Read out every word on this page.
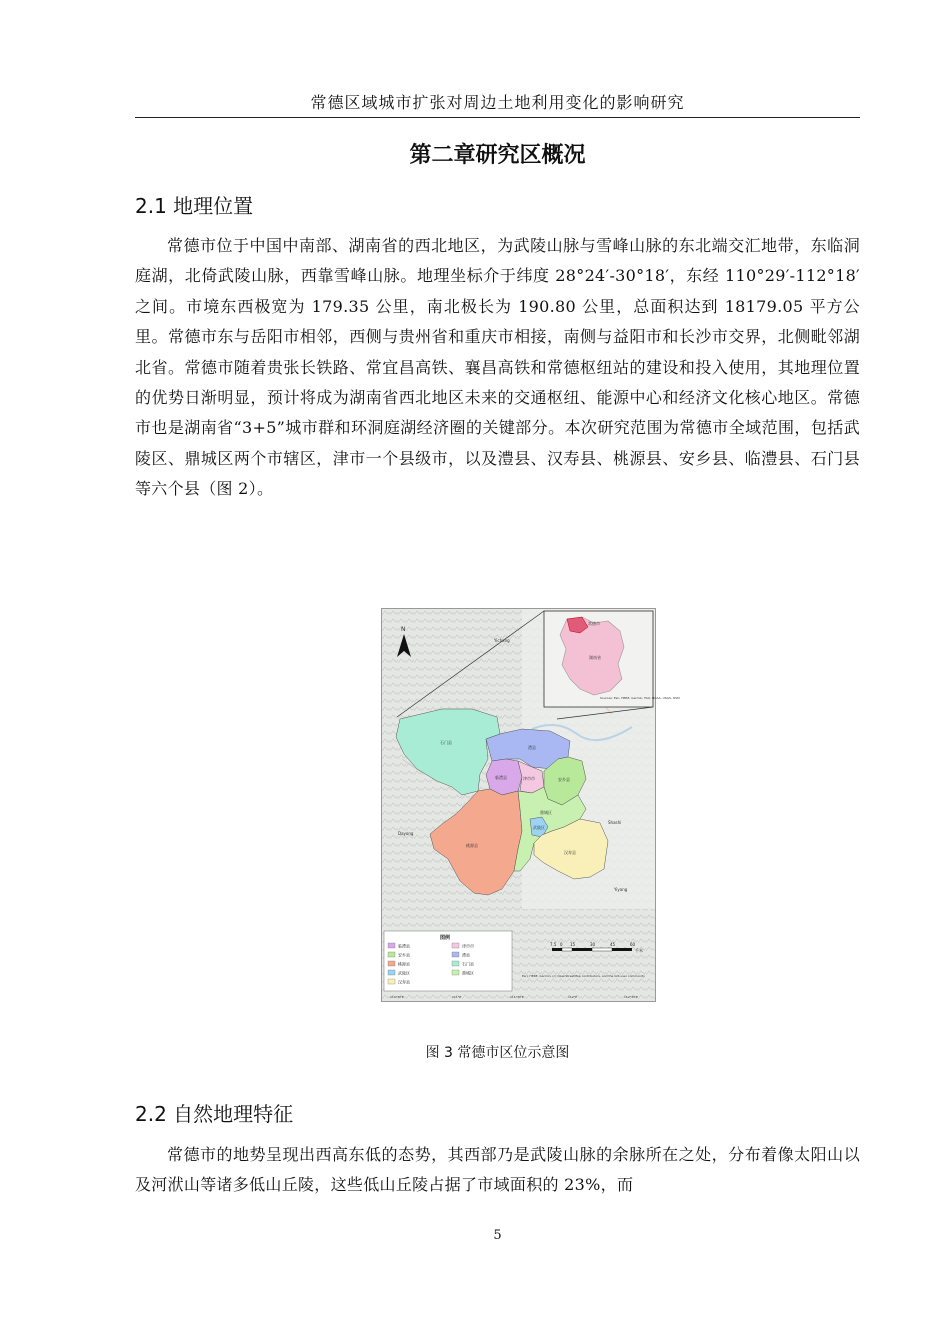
常德区域城市扩张对周边土地利用变化的影响研究
第二章研究区概况
2.1 地理位置

常德市位于中国中南部、湖南省的西北地区，为武陵山脉与雪峰山脉的东北端交汇地带，东临洞庭湖，北倚武陵山脉，西靠雪峰山脉。地理坐标介于纬度 28°24′-30°18′，东经 110°29′-112°18′之间。市境东西极宽为 179.35 公里，南北极长为 190.80 公里，总面积达到 18179.05 平方公里。常德市东与岳阳市相邻，西侧与贵州省和重庆市相接，南侧与益阳市和长沙市交界，北侧毗邻湖北省。常德市随着贵张长铁路、常宜昌高铁、襄昌高铁和常德枢纽站的建设和投入使用，其地理位置的优势日渐明显，预计将成为湖南省西北地区未来的交通枢纽、能源中心和经济文化核心地区。常德市也是湖南省“3+5”城市群和环洞庭湖经济圈的关键部分。本次研究范围为常德市全域范围，包括武陵区、鼎城区两个市辖区，津市一个县级市，以及澧县、汉寿县、桃源县、安乡县、临澧县、石门县等六个县（图 2）。

Yichang
Shashi
Dayong
Yiyang
N
常德市
湖南省
Sources: Esri, HERE, Garmin, FAO, NOAA, USGS, OSM
石门县
澧县
临澧县	津市市	安乡县
桃源县
鼎城区
武陵区
汉寿县
图例
临澧县	津市市
安乡县	澧县
桃源县	石门县
武陵区	鼎城区
汉寿县
7.5 0 15	30	45	60
千米
Esri, HERE, Garmin, (c) OpenStreetMap contributors, and the GIS user community
110°30'E	111°E	111°30'E	112°E	112°30'E
图 3 常德市区位示意图
2.2 自然地理特征

常德市的地势呈现出西高东低的态势，其西部乃是武陵山脉的余脉所在之处，分布着像太阳山以及河洑山等诸多低山丘陵，这些低山丘陵占据了市域面积的 23%，而

5
